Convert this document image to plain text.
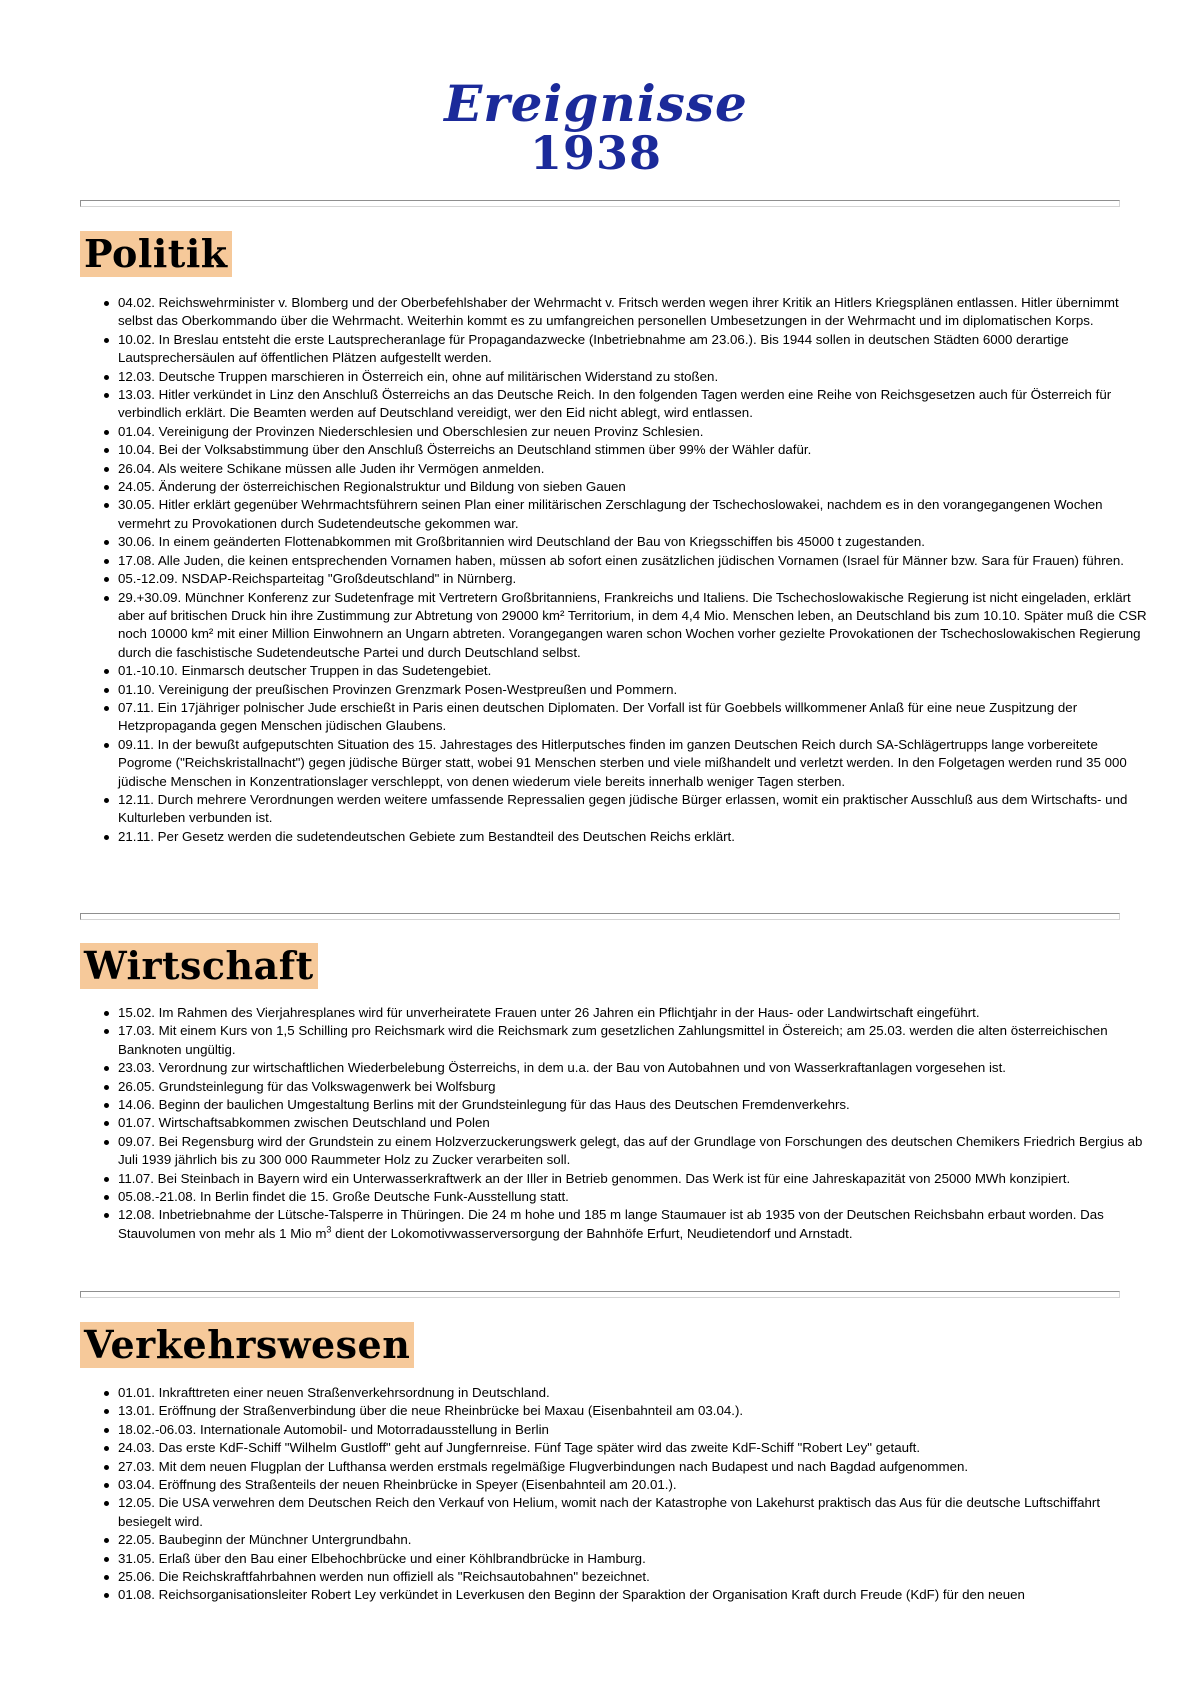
Ereignisse
1938
Politik
04.02. Reichswehrminister v. Blomberg und der Oberbefehlshaber der Wehrmacht v. Fritsch werden wegen ihrer Kritik an Hitlers Kriegsplänen entlassen. Hitler übernimmt selbst das Oberkommando über die Wehrmacht. Weiterhin kommt es zu umfangreichen personellen Umbesetzungen in der Wehrmacht und im diplomatischen Korps.
10.02. In Breslau entsteht die erste Lautsprecheranlage für Propagandazwecke (Inbetriebnahme am 23.06.). Bis 1944 sollen in deutschen Städten 6000 derartige Lautsprechersäulen auf öffentlichen Plätzen aufgestellt werden.
12.03. Deutsche Truppen marschieren in Österreich ein, ohne auf militärischen Widerstand zu stoßen.
13.03. Hitler verkündet in Linz den Anschluß Österreichs an das Deutsche Reich. In den folgenden Tagen werden eine Reihe von Reichsgesetzen auch für Österreich für verbindlich erklärt. Die Beamten werden auf Deutschland vereidigt, wer den Eid nicht ablegt, wird entlassen.
01.04. Vereinigung der Provinzen Niederschlesien und Oberschlesien zur neuen Provinz Schlesien.
10.04. Bei der Volksabstimmung über den Anschluß Österreichs an Deutschland stimmen über 99% der Wähler dafür.
26.04. Als weitere Schikane müssen alle Juden ihr Vermögen anmelden.
24.05. Änderung der österreichischen Regionalstruktur und Bildung von sieben Gauen
30.05. Hitler erklärt gegenüber Wehrmachtsführern seinen Plan einer militärischen Zerschlagung der Tschechoslowakei, nachdem es in den vorangegangenen Wochen vermehrt zu Provokationen durch Sudetendeutsche gekommen war.
30.06. In einem geänderten Flottenabkommen mit Großbritannien wird Deutschland der Bau von Kriegsschiffen bis 45000 t zugestanden.
17.08. Alle Juden, die keinen entsprechenden Vornamen haben, müssen ab sofort einen zusätzlichen jüdischen Vornamen (Israel für Männer bzw. Sara für Frauen) führen.
05.-12.09. NSDAP-Reichsparteitag "Großdeutschland" in Nürnberg.
29.+30.09. Münchner Konferenz zur Sudetenfrage mit Vertretern Großbritanniens, Frankreichs und Italiens. Die Tschechoslowakische Regierung ist nicht eingeladen, erklärt aber auf britischen Druck hin ihre Zustimmung zur Abtretung von 29000 km² Territorium, in dem 4,4 Mio. Menschen leben, an Deutschland bis zum 10.10. Später muß die CSR noch 10000 km² mit einer Million Einwohnern an Ungarn abtreten. Vorangegangen waren schon Wochen vorher gezielte Provokationen der Tschechoslowakischen Regierung durch die faschistische Sudetendeutsche Partei und durch Deutschland selbst.
01.-10.10. Einmarsch deutscher Truppen in das Sudetengebiet.
01.10. Vereinigung der preußischen Provinzen Grenzmark Posen-Westpreußen und Pommern.
07.11. Ein 17jähriger polnischer Jude erschießt in Paris einen deutschen Diplomaten. Der Vorfall ist für Goebbels willkommener Anlaß für eine neue Zuspitzung der Hetzpropaganda gegen Menschen jüdischen Glaubens.
09.11. In der bewußt aufgeputschten Situation des 15. Jahrestages des Hitlerputsches finden im ganzen Deutschen Reich durch SA-Schlägertrupps lange vorbereitete Pogrome ("Reichskristallnacht") gegen jüdische Bürger statt, wobei 91 Menschen sterben und viele mißhandelt und verletzt werden. In den Folgetagen werden rund 35 000 jüdische Menschen in Konzentrationslager verschleppt, von denen wiederum viele bereits innerhalb weniger Tagen sterben.
12.11. Durch mehrere Verordnungen werden weitere umfassende Repressalien gegen jüdische Bürger erlassen, womit ein praktischer Ausschluß aus dem Wirtschafts- und Kulturleben verbunden ist.
21.11. Per Gesetz werden die sudetendeutschen Gebiete zum Bestandteil des Deutschen Reichs erklärt.
Wirtschaft
15.02. Im Rahmen des Vierjahresplanes wird für unverheiratete Frauen unter 26 Jahren ein Pflichtjahr in der Haus- oder Landwirtschaft eingeführt.
17.03. Mit einem Kurs von 1,5 Schilling pro Reichsmark wird die Reichsmark zum gesetzlichen Zahlungsmittel in Östereich; am 25.03. werden die alten österreichischen Banknoten ungültig.
23.03. Verordnung zur wirtschaftlichen Wiederbelebung Österreichs, in dem u.a. der Bau von Autobahnen und von Wasserkraftanlagen vorgesehen ist.
26.05. Grundsteinlegung für das Volkswagenwerk bei Wolfsburg
14.06. Beginn der baulichen Umgestaltung Berlins mit der Grundsteinlegung für das Haus des Deutschen Fremdenverkehrs.
01.07. Wirtschaftsabkommen zwischen Deutschland und Polen
09.07. Bei Regensburg wird der Grundstein zu einem Holzverzuckerungswerk gelegt, das auf der Grundlage von Forschungen des deutschen Chemikers Friedrich Bergius ab Juli 1939 jährlich bis zu 300 000 Raummeter Holz zu Zucker verarbeiten soll.
11.07. Bei Steinbach in Bayern wird ein Unterwasserkraftwerk an der Iller in Betrieb genommen. Das Werk ist für eine Jahreskapazität von 25000 MWh konzipiert.
05.08.-21.08. In Berlin findet die 15. Große Deutsche Funk-Ausstellung statt.
12.08. Inbetriebnahme der Lütsche-Talsperre in Thüringen. Die 24 m hohe und 185 m lange Staumauer ist ab 1935 von der Deutschen Reichsbahn erbaut worden. Das Stauvolumen von mehr als 1 Mio $m^3$ dient der Lokomotivwasserversorgung der Bahnhöfe Erfurt, Neudietendorf und Arnstadt.
Verkehrswesen
01.01. Inkrafttreten einer neuen Straßenverkehrsordnung in Deutschland.
13.01. Eröffnung der Straßenverbindung über die neue Rheinbrücke bei Maxau (Eisenbahnteil am 03.04.).
18.02.-06.03. Internationale Automobil- und Motorradausstellung in Berlin
24.03. Das erste KdF-Schiff "Wilhelm Gustloff" geht auf Jungfernreise. Fünf Tage später wird das zweite KdF-Schiff "Robert Ley" getauft.
27.03. Mit dem neuen Flugplan der Lufthansa werden erstmals regelmäßige Flugverbindungen nach Budapest und nach Bagdad aufgenommen.
03.04. Eröffnung des Straßenteils der neuen Rheinbrücke in Speyer (Eisenbahnteil am 20.01.).
12.05. Die USA verwehren dem Deutschen Reich den Verkauf von Helium, womit nach der Katastrophe von Lakehurst praktisch das Aus für die deutsche Luftschiffahrt besiegelt wird.
22.05. Baubeginn der Münchner Untergrundbahn.
31.05. Erlaß über den Bau einer Elbehochbrücke und einer Köhlbrandbrücke in Hamburg.
25.06. Die Reichskraftfahrbahnen werden nun offiziell als "Reichsautobahnen" bezeichnet.
01.08. Reichsorganisationsleiter Robert Ley verkündet in Leverkusen den Beginn der Sparaktion der Organisation Kraft durch Freude (KdF) für den neuen
